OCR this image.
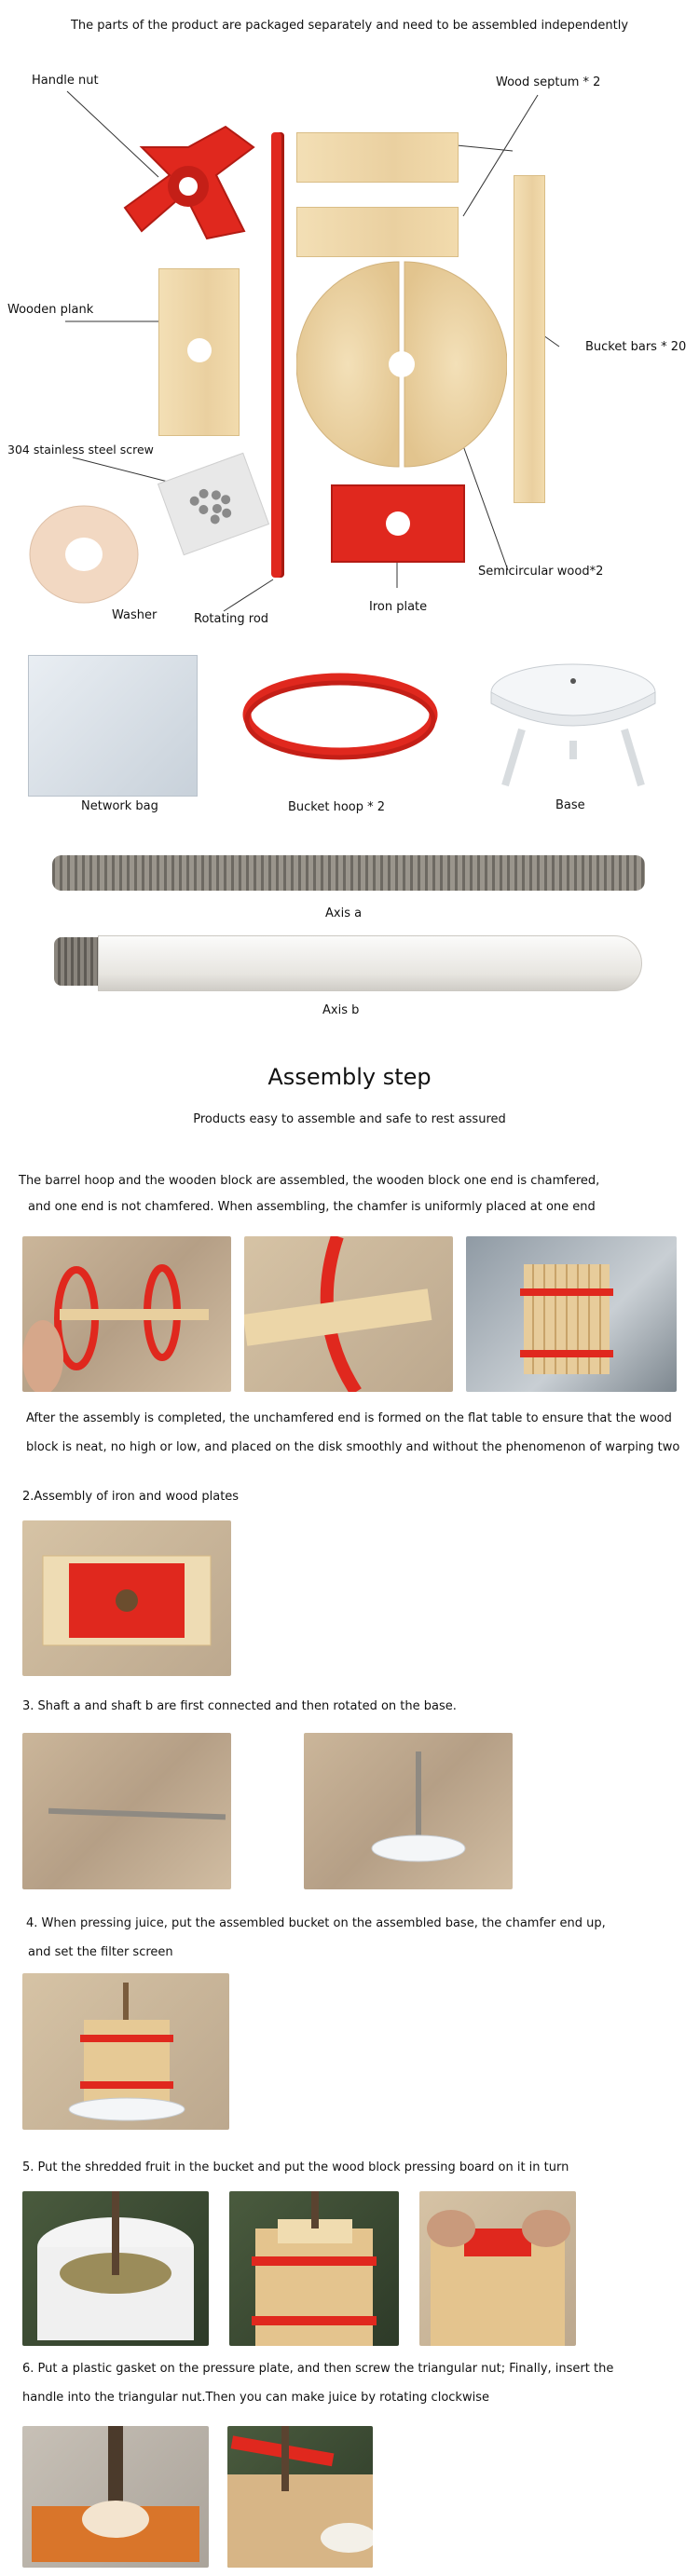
The parts of the product are packaged separately and need to be assembled independently
Handle nut	Wood septum * 2
Wooden plank
Bucket bars * 20
304 stainless steel screw
Washer	Rotating rod
Iron plate
Semicircular wood*2
Network bag	Bucket hoop * 2	Base
Axis a
Axis b
Assembly step
Products easy to assemble and safe to rest assured
The barrel hoop and the wooden block are assembled, the wooden block one end is chamfered,
and one end is not chamfered. When assembling, the chamfer is uniformly placed at one end
After the assembly is completed, the unchamfered end is formed on the flat table to ensure that the wood
block is neat, no high or low, and placed on the disk smoothly and without the phenomenon of warping two
2.Assembly of iron and wood plates
3. Shaft a and shaft b are first connected and then rotated on the base.
4. When pressing juice, put the assembled bucket on the assembled base, the chamfer end up,
and set the filter screen
5. Put the shredded fruit in the bucket and put the wood block pressing board on it in turn
6. Put a plastic gasket on the pressure plate, and then screw the triangular nut; Finally, insert the
handle into the triangular nut.Then you can make juice by rotating clockwise
